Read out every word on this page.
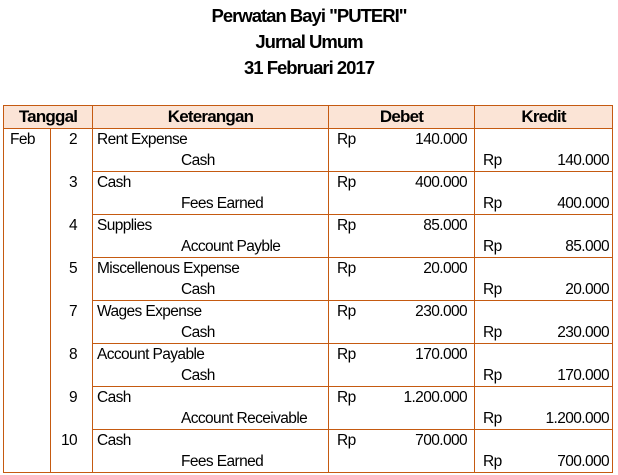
Perwatan Bayi "PUTERI"
Jurnal Umum
31 Februari 2017
Tanggal		Keterangan	Debet		Kredit	
Feb	2	Rent Expense	Rp	140.000		
		Cash			Rp	140.000
	3	Cash	Rp	400.000		
		Fees Earned			Rp	400.000
	4	Supplies	Rp	85.000		
		Account Payble			Rp	85.000
	5	Miscellenous Expense	Rp	20.000		
		Cash			Rp	20.000
	7	Wages Expense	Rp	230.000		
		Cash			Rp	230.000
	8	Account Payable	Rp	170.000		
		Cash			Rp	170.000
	9	Cash	Rp	1.200.000		
		Account Receivable			Rp	1.200.000
	10	Cash	Rp	700.000		
		Fees Earned			Rp	700.000
